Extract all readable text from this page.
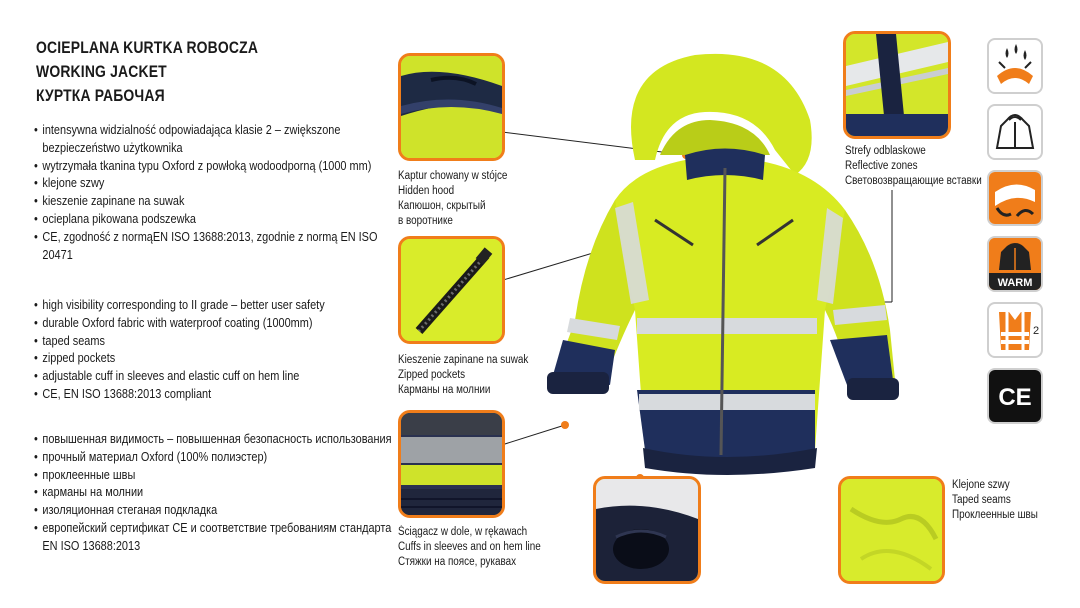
OCIEPLANA KURTKA ROBOCZA
WORKING JACKET
КУРТКА РАБОЧАЯ
• intensywna widzialność odpowiadająca klasie 2 – zwiększone bezpieczeństwo użytkownika
• wytrzymała tkanina typu Oxford z powłoką wodoodporną (1000 mm)
• klejone szwy
• kieszenie zapinane na suwak
• ocieplana pikowana podszewka
• CE, zgodność z normąEN ISO 13688:2013, zgodnie z normą EN ISO 20471
• high visibility corresponding to II grade – better user safety
• durable Oxford fabric with waterproof coating (1000mm)
• taped seams
• zipped pockets
• adjustable cuff in sleeves and elastic cuff on hem line
• CE, EN ISO 13688:2013 compliant
• повышенная видимость – повышенная безопасность использования
• прочный материал Oxford (100% полиэстер)
• проклеенные швы
• карманы на молнии
• изоляционная стеганая подкладка
• европейский сертификат CE и соответствие требованиям стандарта EN ISO 13688:2013
Kaptur chowany w stójce
Hidden hood
Капюшон, скрытый
в воротнике
Kieszenie zapinane na suwak
Zipped pockets
Карманы на молнии
Ściągacz w dole, w rękawach
Cuffs in sleeves and on hem line
Стяжки на поясе, рукавах
Strefy odblaskowe
Reflective zones
Световозвращающие вставки
Klejone szwy
Taped seams
Проклеенные швы
WARM
2
CE
